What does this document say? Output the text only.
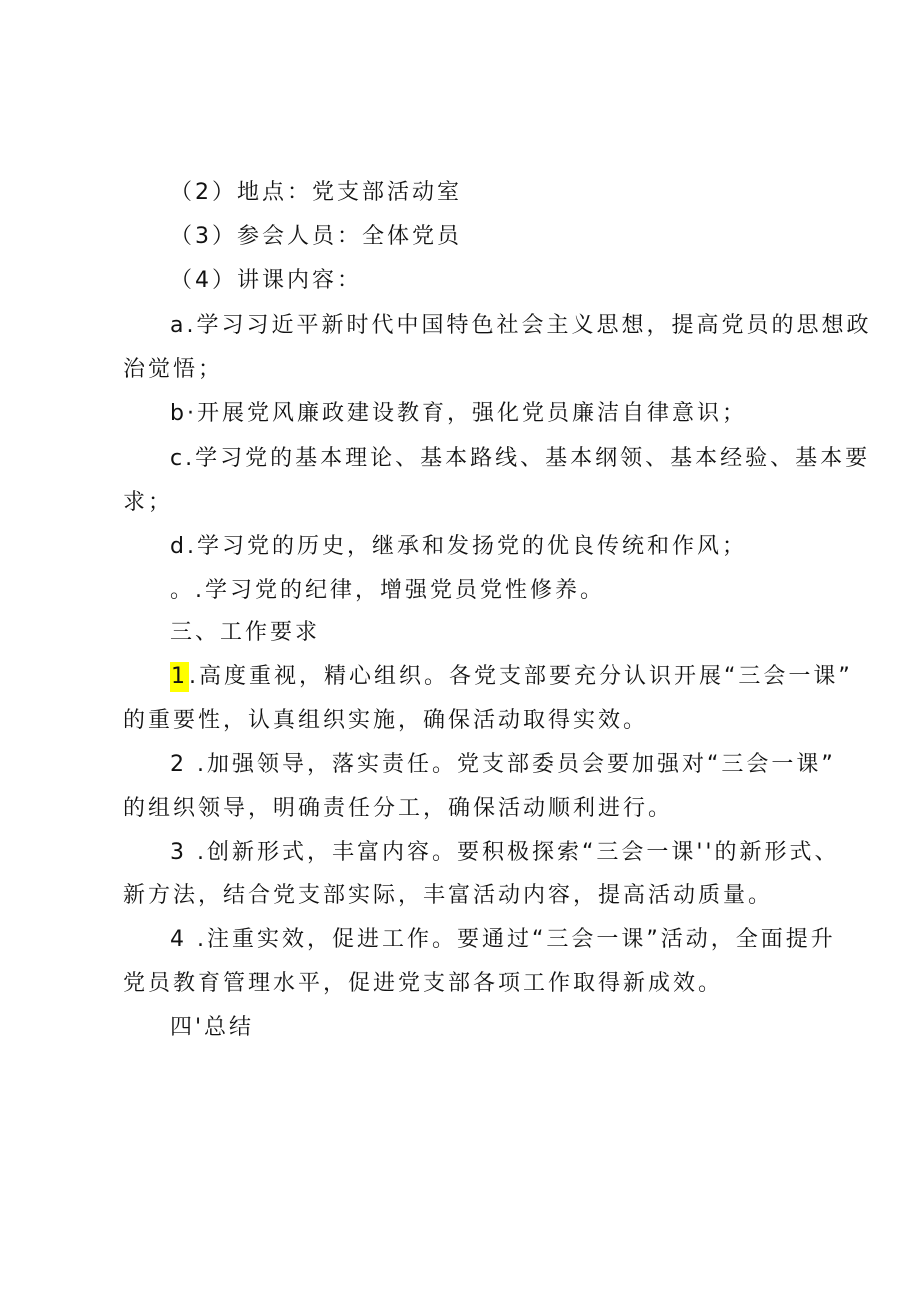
（2）地点：党支部活动室
（3）参会人员：全体党员
（4）讲课内容：
a.学习习近平新时代中国特色社会主义思想，提高党员的思想政
治觉悟；
b·开展党风廉政建设教育，强化党员廉洁自律意识；
c.学习党的基本理论、基本路线、基本纲领、基本经验、基本要
求；
d.学习党的历史，继承和发扬党的优良传统和作风；
。.学习党的纪律，增强党员党性修养。
三、工作要求
1.高度重视，精心组织。各党支部要充分认识开展“三会一课”
的重要性，认真组织实施，确保活动取得实效。
2 .加强领导，落实责任。党支部委员会要加强对“三会一课”
的组织领导，明确责任分工，确保活动顺利进行。
3 .创新形式，丰富内容。要积极探索“三会一课''的新形式、
新方法，结合党支部实际，丰富活动内容，提高活动质量。
4 .注重实效，促进工作。要通过“三会一课”活动，全面提升
党员教育管理水平，促进党支部各项工作取得新成效。
四'总结
